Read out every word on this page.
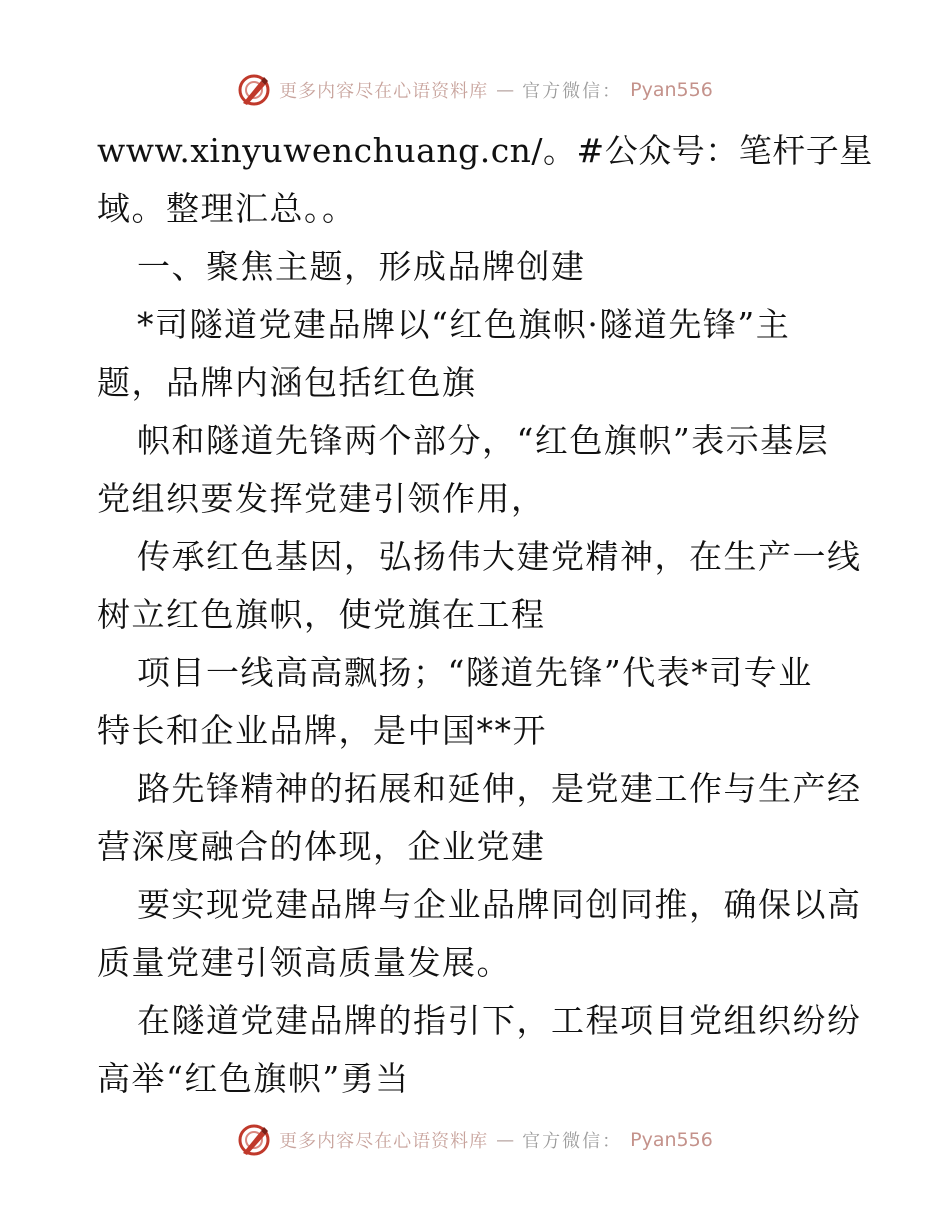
更多内容尽在心语资料库 — 官方微信： Pyan556
www.xinyuwenchuang.cn/。#公众号：笔杆子星
域。整理汇总。。
一、聚焦主题，形成品牌创建
*司隧道党建品牌以“红色旗帜·隧道先锋”主
题，品牌内涵包括红色旗
帜和隧道先锋两个部分，“红色旗帜”表示基层
党组织要发挥党建引领作用，
传承红色基因，弘扬伟大建党精神，在生产一线
树立红色旗帜，使党旗在工程
项目一线高高飘扬；“隧道先锋”代表*司专业
特长和企业品牌，是中国**开
路先锋精神的拓展和延伸，是党建工作与生产经
营深度融合的体现，企业党建
要实现党建品牌与企业品牌同创同推，确保以高
质量党建引领高质量发展。
在隧道党建品牌的指引下，工程项目党组织纷纷
高举“红色旗帜”勇当
更多内容尽在心语资料库 — 官方微信： Pyan556
